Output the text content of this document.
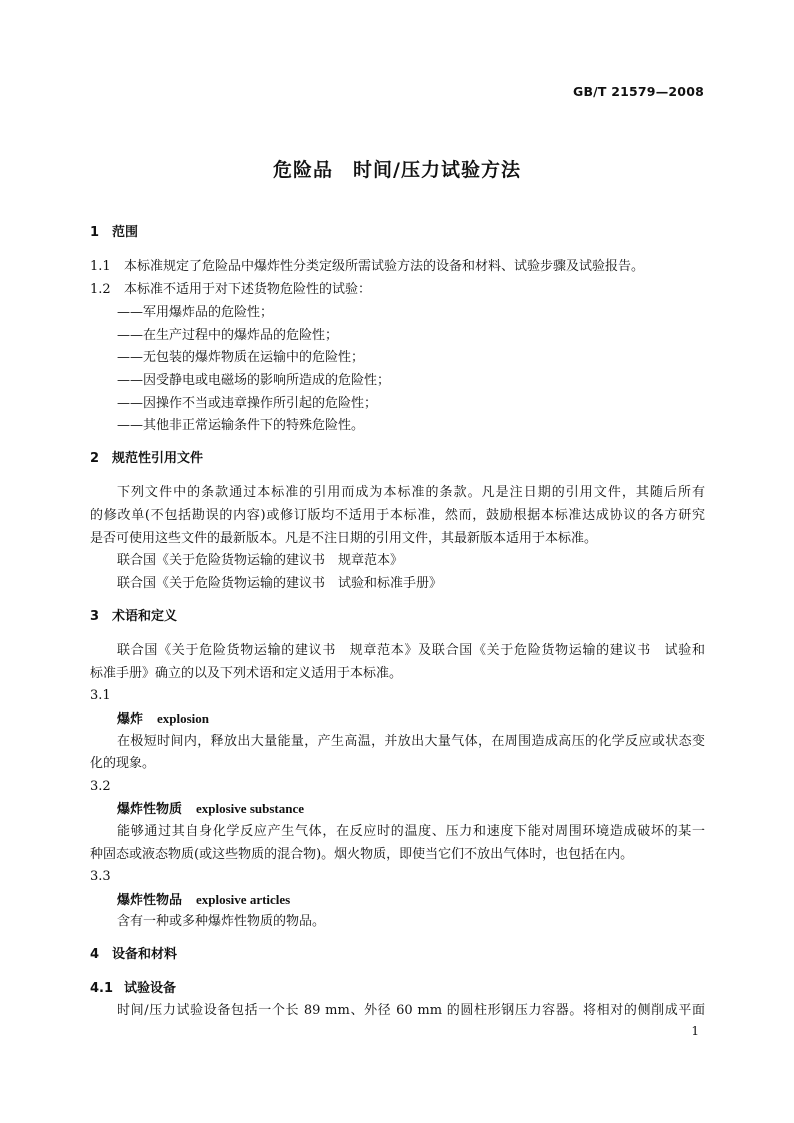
GB/T 21579—2008
危险品　时间/压力试验方法
1 范围
1.1 本标准规定了危险品中爆炸性分类定级所需试验方法的设备和材料、试验步骤及试验报告。
1.2 本标准不适用于对下述货物危险性的试验：
——军用爆炸品的危险性；
——在生产过程中的爆炸品的危险性；
——无包装的爆炸物质在运输中的危险性；
——因受静电或电磁场的影响所造成的危险性；
——因操作不当或违章操作所引起的危险性；
——其他非正常运输条件下的特殊危险性。
2 规范性引用文件
下列文件中的条款通过本标准的引用而成为本标准的条款。凡是注日期的引用文件，其随后所有
的修改单(不包括勘误的内容)或修订版均不适用于本标准，然而，鼓励根据本标准达成协议的各方研究
是否可使用这些文件的最新版本。凡是不注日期的引用文件，其最新版本适用于本标准。
联合国《关于危险货物运输的建议书　规章范本》
联合国《关于危险货物运输的建议书　试验和标准手册》
3 术语和定义
联合国《关于危险货物运输的建议书　规章范本》及联合国《关于危险货物运输的建议书　试验和
标准手册》确立的以及下列术语和定义适用于本标准。
3.1
爆炸 explosion
在极短时间内，释放出大量能量，产生高温，并放出大量气体，在周围造成高压的化学反应或状态变
化的现象。
3.2
爆炸性物质 explosive substance
能够通过其自身化学反应产生气体，在反应时的温度、压力和速度下能对周围环境造成破坏的某一
种固态或液态物质(或这些物质的混合物)。烟火物质，即使当它们不放出气体时，也包括在内。
3.3
爆炸性物品 explosive articles
含有一种或多种爆炸性物质的物品。
4 设备和材料
4.1 试验设备
时间/压力试验设备包括一个长 89 mm、外径 60 mm 的圆柱形钢压力容器。将相对的侧削成平面
1
